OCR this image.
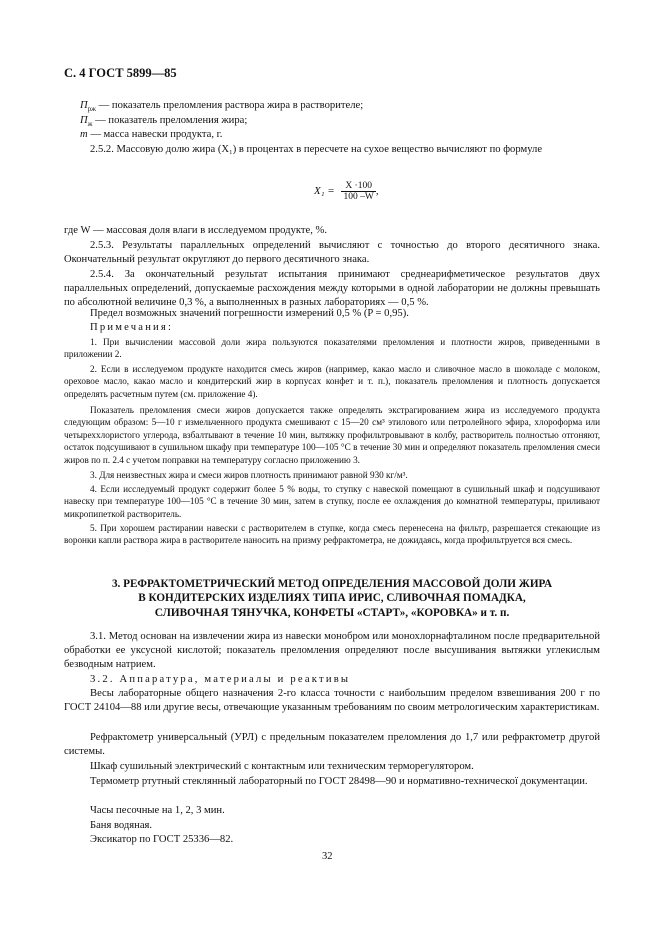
С. 4 ГОСТ 5899—85
$П_{рж}$ — показатель преломления раствора жира в растворителе;
$П_ж$ — показатель преломления жира;
m — масса навески продукта, г.

2.5.2. Массовую долю жира (X₁) в процентах в пересчете на сухое вещество вычисляют по формуле

$X_1 = \frac{X \cdot 100}{100 -W}$ ,

где W — массовая доля влаги в исследуемом продукте, %.

2.5.3. Результаты параллельных определений вычисляют с точностью до второго десятичного знака. Окончательный результат округляют до первого десятичного знака.

2.5.4. За окончательный результат испытания принимают среднеарифметическое результатов двух параллельных определений, допускаемые расхождения между которыми в одной лаборатории не должны превышать по абсолютной величине 0,3 %, а выполненных в разных лабораториях — 0,5 %.

Предел возможных значений погрешности измерений 0,5 % (P = 0,95).

Примечания:

1. При вычислении массовой доли жира пользуются показателями преломления и плотности жиров, приведенными в приложении 2.

2. Если в исследуемом продукте находится смесь жиров (например, какао масло и сливочное масло в шоколаде с молоком, ореховое масло, какао масло и кондитерский жир в корпусах конфет и т. п.), показатель преломления и плотность допускается определять расчетным путем (см. приложение 4).

Показатель преломления смеси жиров допускается также определять экстрагированием жира из исследуемого продукта следующим образом: 5—10 г измельченного продукта смешивают с 15—20 см³ этилового или петролейного эфира, хлороформа или четыреххлористого углерода, взбалтывают в течение 10 мин, вытяжку профильтровывают в колбу, растворитель полностью отгоняют, остаток подсушивают в сушильном шкафу при температуре 100—105 °С в течение 30 мин и определяют показатель преломления смеси жиров по п. 2.4 с учетом поправки на температуру согласно приложению 3.

3. Для неизвестных жира и смеси жиров плотность принимают равной 930 кг/м³.

4. Если исследуемый продукт содержит более 5 % воды, то ступку с навеской помещают в сушильный шкаф и подсушивают навеску при температуре 100—105 °С в течение 30 мин, затем в ступку, после ее охлаждения до комнатной температуры, приливают микропипеткой растворитель.

5. При хорошем растирании навески с растворителем в ступке, когда смесь перенесена на фильтр, разрешается стекающие из воронки капли раствора жира в растворителе наносить на призму рефрактометра, не дожидаясь, когда профильтруется вся смесь.

3. РЕФРАКТОМЕТРИЧЕСКИЙ МЕТОД ОПРЕДЕЛЕНИЯ МАССОВОЙ ДОЛИ ЖИРА
В КОНДИТЕРСКИХ ИЗДЕЛИЯХ ТИПА ИРИС, СЛИВОЧНАЯ ПОМАДКА,
СЛИВОЧНАЯ ТЯНУЧКА, КОНФЕТЫ «СТАРТ», «КОРОВКА» и т. п.

3.1. Метод основан на извлечении жира из навески монобром или монохлорнафталином после предварительной обработки ее уксусной кислотой; показатель преломления определяют после высушивания вытяжки углекислым безводным натрием.

3.2. Аппаратура, материалы и реактивы

Весы лабораторные общего назначения 2-го класса точности с наибольшим пределом взвешивания 200 г по ГОСТ 24104—88 или другие весы, отвечающие указанным требованиям по своим метрологическим характеристикам.

Рефрактометр универсальный (УРЛ) с предельным показателем преломления до 1,7 или рефрактометр другой системы.

Шкаф сушильный электрический с контактным или техническим терморегулятором.

Термометр ртутный стеклянный лабораторный по ГОСТ 28498—90 и нормативно-техническої документации.

Часы песочные на 1, 2, 3 мин.

Баня водяная.

Эксикатор по ГОСТ 25336—82.

32
